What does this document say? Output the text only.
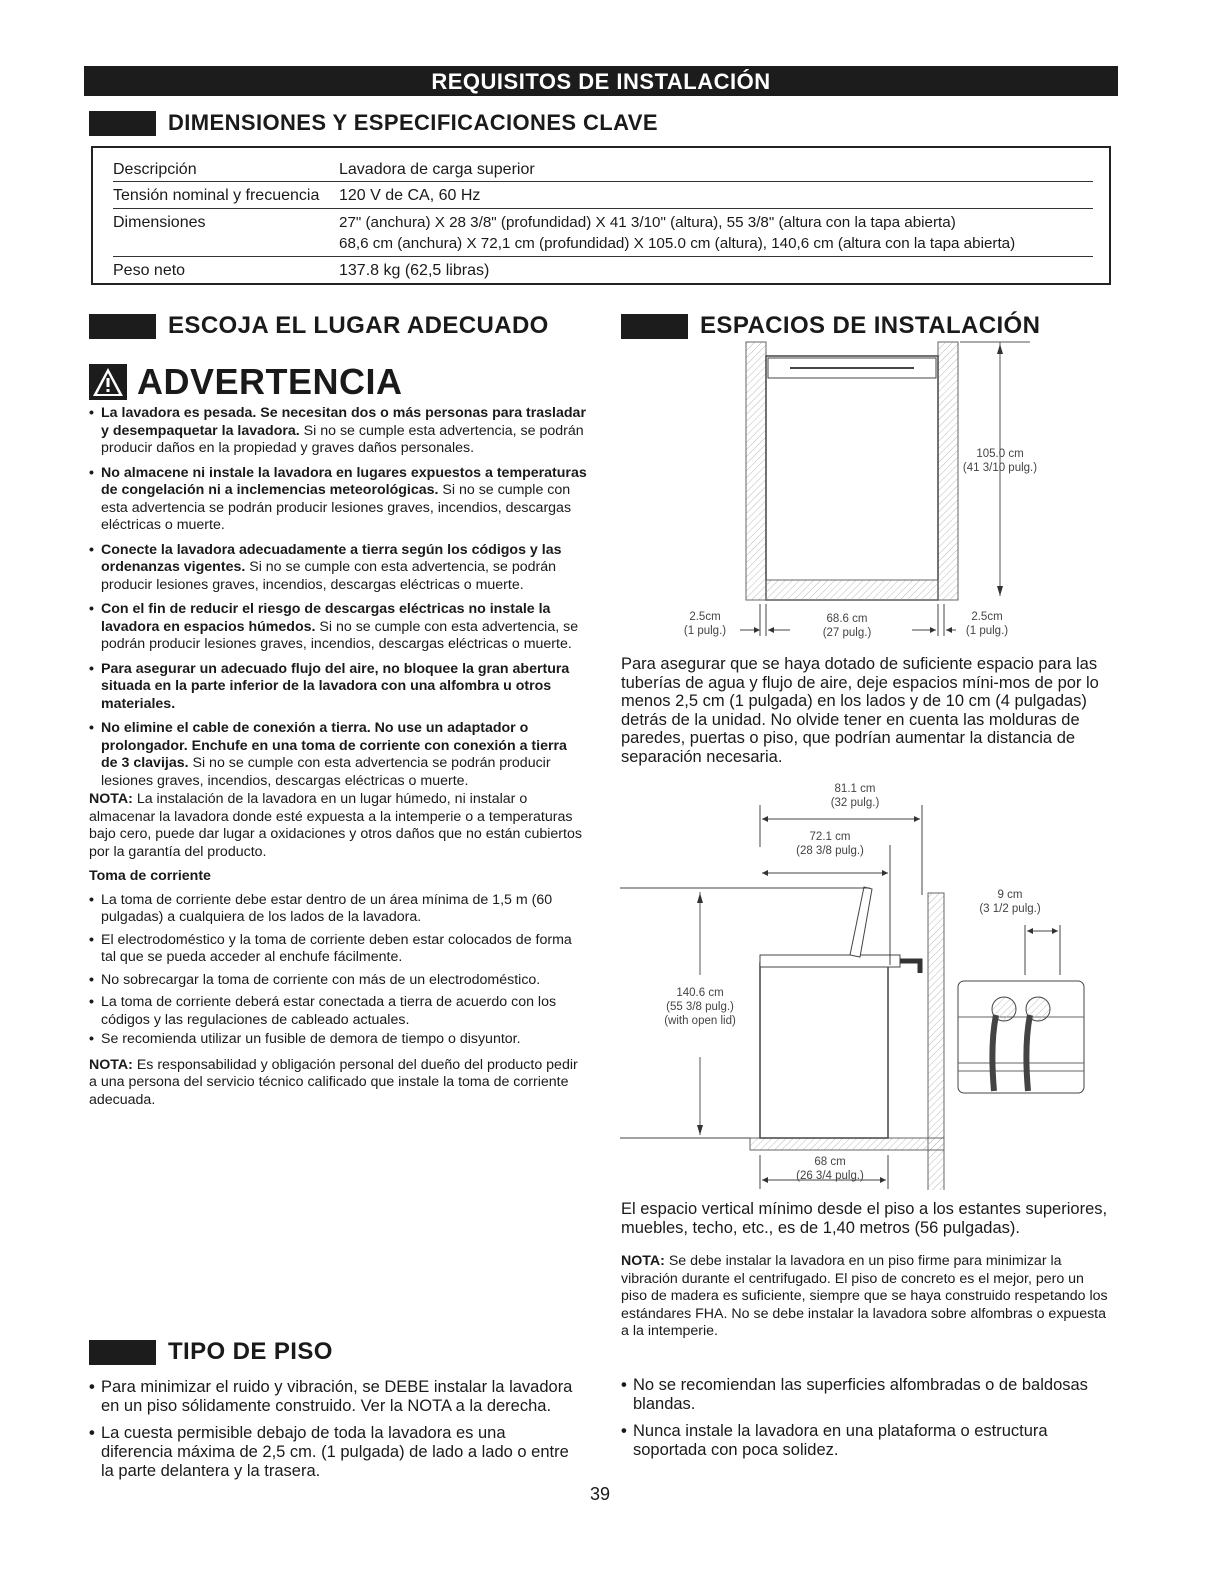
REQUISITOS DE INSTALACIÓN
DIMENSIONES Y ESPECIFICACIONES CLAVE
Descripción	Lavadora de carga superior
Tensión nominal y frecuencia	120 V de CA, 60 Hz
Dimensiones	27" (anchura) X 28 3/8" (profundidad) X 41 3/10" (altura), 55 3/8" (altura con la tapa abierta)
68,6 cm (anchura) X 72,1 cm (profundidad) X 105.0 cm (altura), 140,6 cm (altura con la tapa abierta)
Peso neto	137.8 kg (62,5 libras)
ESCOJA EL LUGAR ADECUADO
ADVERTENCIA
• La lavadora es pesada. Se necesitan dos o más personas para trasladar y desempaquetar la lavadora. Si no se cumple esta advertencia, se podrán producir daños en la propiedad y graves daños personales.
• No almacene ni instale la lavadora en lugares expuestos a temperaturas de congelación ni a inclemencias meteorológicas. Si no se cumple con esta advertencia se podrán producir lesiones graves, incendios, descargas eléctricas o muerte.
• Conecte la lavadora adecuadamente a tierra según los códigos y las ordenanzas vigentes. Si no se cumple con esta advertencia, se podrán producir lesiones graves, incendios, descargas eléctricas o muerte.
• Con el fin de reducir el riesgo de descargas eléctricas no instale la lavadora en espacios húmedos. Si no se cumple con esta advertencia, se podrán producir lesiones graves, incendios, descargas eléctricas o muerte.
• Para asegurar un adecuado flujo del aire, no bloquee la gran abertura situada en la parte inferior de la lavadora con una alfombra u otros materiales.
• No elimine el cable de conexión a tierra. No use un adaptador o prolongador. Enchufe en una toma de corriente con conexión a tierra de 3 clavijas. Si no se cumple con esta advertencia se podrán producir lesiones graves, incendios, descargas eléctricas o muerte.
NOTA: La instalación de la lavadora en un lugar húmedo, ni instalar o almacenar la lavadora donde esté expuesta a la intemperie o a temperaturas bajo cero, puede dar lugar a oxidaciones y otros daños que no están cubiertos por la garantía del producto.
Toma de corriente
• La toma de corriente debe estar dentro de un área mínima de 1,5 m (60 pulgadas) a cualquiera de los lados de la lavadora.
• El electrodoméstico y la toma de corriente deben estar colocados de forma tal que se pueda acceder al enchufe fácilmente.
• No sobrecargar la toma de corriente con más de un electrodoméstico.
• La toma de corriente deberá estar conectada a tierra de acuerdo con los códigos y las regulaciones de cableado actuales.
• Se recomienda utilizar un fusible de demora de tiempo o disyuntor.
NOTA: Es responsabilidad y obligación personal del dueño del producto pedir a una persona del servicio técnico calificado que instale la toma de corriente adecuada.
TIPO DE PISO
• Para minimizar el ruido y vibración, se DEBE instalar la lavadora en un piso sólidamente construido. Ver la NOTA a la derecha.
• La cuesta permisible debajo de toda la lavadora es una diferencia máxima de 2,5 cm. (1 pulgada) de lado a lado o entre la parte delantera y la trasera.
ESPACIOS DE INSTALACIÓN
105.0 cm
(41 3/10 pulg.)
2.5cm
(1 pulg.)
68.6 cm
(27 pulg.)
2.5cm
(1 pulg.)
Para asegurar que se haya dotado de suficiente espacio para las tuberías de agua y flujo de aire, deje espacios míni-mos de por lo menos 2,5 cm (1 pulgada) en los lados y de 10 cm (4 pulgadas) detrás de la unidad. No olvide tener en cuenta las molduras de paredes, puertas o piso, que podrían aumentar la distancia de separación necesaria.
81.1 cm
(32 pulg.)
72.1 cm
(28 3/8 pulg.)
9 cm
(3 1/2 pulg.)
140.6 cm
(55 3/8 pulg.)
(with open lid)
68 cm
(26 3/4 pulg.)
El espacio vertical mínimo desde el piso a los estantes superiores, muebles, techo, etc., es de 1,40 metros (56 pulgadas).
NOTA: Se debe instalar la lavadora en un piso firme para minimizar la vibración durante el centrifugado. El piso de concreto es el mejor, pero un piso de madera es suficiente, siempre que se haya construido respetando los estándares FHA. No se debe instalar la lavadora sobre alfombras o expuesta a la intemperie.
• No se recomiendan las superficies alfombradas o de baldosas blandas.
• Nunca instale la lavadora en una plataforma o estructura soportada con poca solidez.
39
